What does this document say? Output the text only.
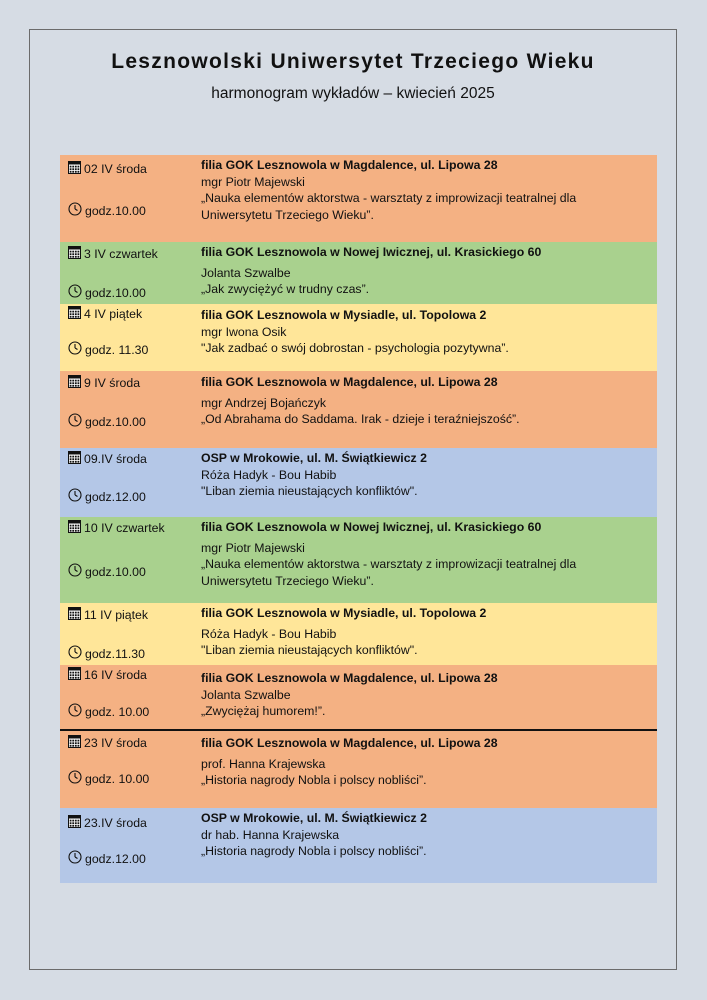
Lesznowolski Uniwersytet Trzeciego Wieku
harmonogram wykładów – kwiecień 2025
02 IV środa
godz.10.00
filia GOK Lesznowola w Magdalence, ul. Lipowa 28
mgr Piotr Majewski
„Nauka elementów aktorstwa - warsztaty z improwizacji teatralnej dla Uniwersytetu Trzeciego Wieku”.
3 IV czwartek
godz.10.00
filia GOK Lesznowola w Nowej Iwicznej, ul. Krasickiego 60
Jolanta Szwalbe
„Jak zwyciężyć w trudny czas”.
4 IV piątek
godz. 11.30
filia GOK Lesznowola w Mysiadle, ul. Topolowa 2
mgr Iwona Osik
"Jak zadbać o swój dobrostan - psychologia pozytywna”.
9 IV środa
godz.10.00
filia GOK Lesznowola w Magdalence, ul. Lipowa 28
mgr Andrzej Bojańczyk
„Od Abrahama do Saddama. Irak - dzieje i teraźniejszość”.
09.IV środa
godz.12.00
OSP w Mrokowie, ul. M. Świątkiewicz 2
Róża Hadyk - Bou Habib
"Liban ziemia nieustających konfliktów".
10 IV czwartek
godz.10.00
filia GOK Lesznowola w Nowej Iwicznej, ul. Krasickiego 60
mgr Piotr Majewski
„Nauka elementów aktorstwa - warsztaty z improwizacji teatralnej dla Uniwersytetu Trzeciego Wieku”.
11 IV piątek
godz.11.30
filia GOK Lesznowola w Mysiadle, ul. Topolowa 2
Róża Hadyk - Bou Habib
"Liban ziemia nieustających konfliktów".
16 IV środa
godz. 10.00
filia GOK Lesznowola w Magdalence, ul. Lipowa 28
Jolanta Szwalbe
„Zwyciężaj humorem!”.
23 IV środa
godz. 10.00
filia GOK Lesznowola w Magdalence, ul. Lipowa 28
prof. Hanna Krajewska
„Historia nagrody Nobla i polscy nobliści”.
23.IV środa
godz.12.00
OSP w Mrokowie, ul. M. Świątkiewicz 2
dr hab. Hanna Krajewska
„Historia nagrody Nobla i polscy nobliści”.
